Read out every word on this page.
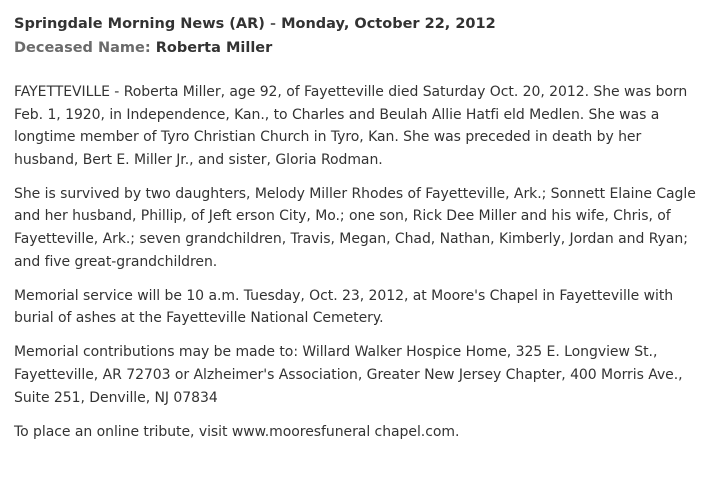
Springdale Morning News (AR) - Monday, October 22, 2012
Deceased Name: Roberta Miller

FAYETTEVILLE - Roberta Miller, age 92, of Fayetteville died Saturday Oct. 20, 2012. She was born Feb. 1, 1920, in Independence, Kan., to Charles and Beulah Allie Hatfi eld Medlen. She was a longtime member of Tyro Christian Church in Tyro, Kan. She was preceded in death by her husband, Bert E. Miller Jr., and sister, Gloria Rodman.

She is survived by two daughters, Melody Miller Rhodes of Fayetteville, Ark.; Sonnett Elaine Cagle and her husband, Phillip, of Jeft erson City, Mo.; one son, Rick Dee Miller and his wife, Chris, of Fayetteville, Ark.; seven grandchildren, Travis, Megan, Chad, Nathan, Kimberly, Jordan and Ryan; and five great-grandchildren.

Memorial service will be 10 a.m. Tuesday, Oct. 23, 2012, at Moore's Chapel in Fayetteville with burial of ashes at the Fayetteville National Cemetery.

Memorial contributions may be made to: Willard Walker Hospice Home, 325 E. Longview St., Fayetteville, AR 72703 or Alzheimer's Association, Greater New Jersey Chapter, 400 Morris Ave., Suite 251, Denville, NJ 07834

To place an online tribute, visit www.mooresfuneral chapel.com.
